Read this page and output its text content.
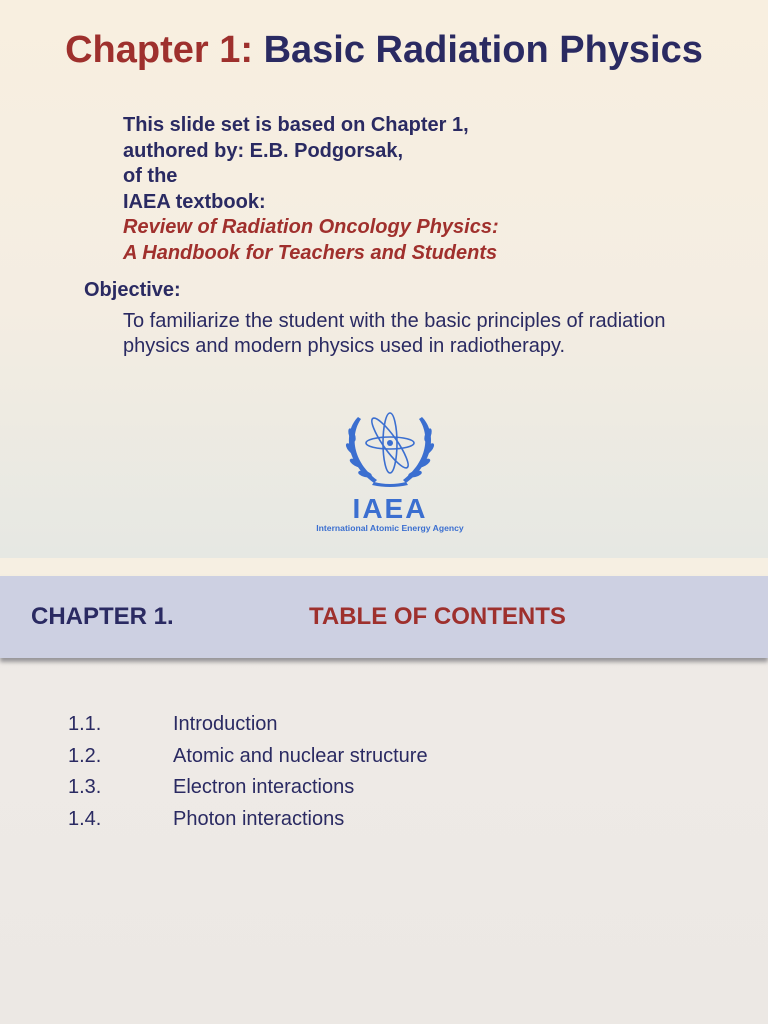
Chapter 1: Basic Radiation Physics
This slide set is based on Chapter 1,
authored by: E.B. Podgorsak,
of the
IAEA textbook:
Review of Radiation Oncology Physics:
A Handbook for Teachers and Students
Objective:
To familiarize the student with the basic principles of radiation physics and modern physics used in radiotherapy.
IAEA
International Atomic Energy Agency
CHAPTER 1.	TABLE OF CONTENTS
1.1.	Introduction
1.2.	Atomic and nuclear structure
1.3.	Electron interactions
1.4.	Photon interactions
